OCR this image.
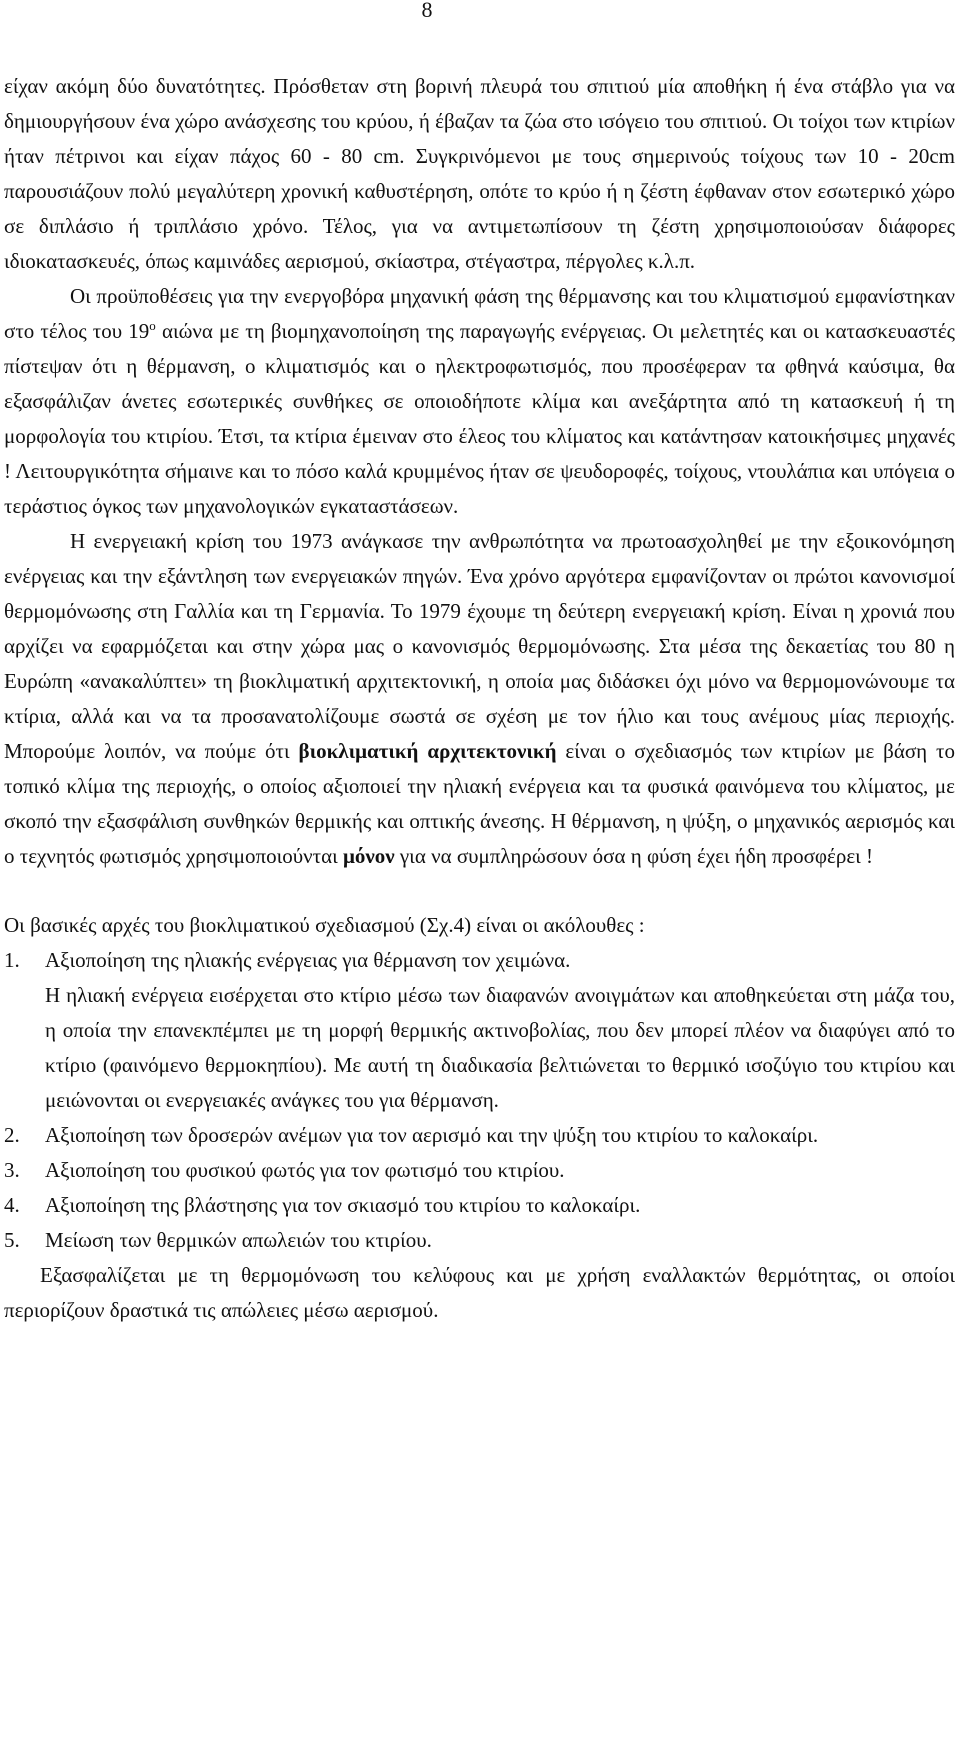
8

είχαν ακόμη δύο δυνατότητες. Πρόσθεταν στη βορινή πλευρά του σπιτιού μία αποθήκη ή ένα στάβλο για να δημιουργήσουν ένα χώρο ανάσχεσης του κρύου, ή έβαζαν τα ζώα στο ισόγειο του σπιτιού. Οι τοίχοι των κτιρίων ήταν πέτρινοι και είχαν πάχος 60 - 80 cm. Συγκρινόμενοι με τους σημερινούς τοίχους των 10 - 20cm παρουσιάζουν πολύ μεγαλύτερη χρονική καθυστέρηση, οπότε το κρύο ή η ζέστη έφθαναν στον εσωτερικό χώρο σε διπλάσιο ή τριπλάσιο χρόνο. Τέλος, για να αντιμετωπίσουν τη ζέστη χρησιμοποιούσαν διάφορες ιδιοκατασκευές, όπως καμινάδες αερισμού, σκίαστρα, στέγαστρα, πέργολες κ.λ.π.

Οι προϋποθέσεις για την ενεργοβόρα μηχανική φάση της θέρμανσης και του κλιματισμού εμφανίστηκαν στο τέλος του $19^o$ αιώνα με τη βιομηχανοποίηση της παραγωγής ενέργειας. Οι μελετητές και οι κατασκευαστές πίστεψαν ότι η θέρμανση, ο κλιματισμός και ο ηλεκτροφωτισμός, που προσέφεραν τα φθηνά καύσιμα, θα εξασφάλιζαν άνετες εσωτερικές συνθήκες σε οποιοδήποτε κλίμα και ανεξάρτητα από τη κατασκευή ή τη μορφολογία του κτιρίου. Έτσι, τα κτίρια έμειναν στο έλεος του κλίματος και κατάντησαν κατοικήσιμες μηχανές ! Λειτουργικότητα σήμαινε και το πόσο καλά κρυμμένος ήταν σε ψευδοροφές, τοίχους, ντουλάπια και υπόγεια ο τεράστιος όγκος των μηχανολογικών εγκαταστάσεων.

Η ενεργειακή κρίση του 1973 ανάγκασε την ανθρωπότητα να πρωτοασχοληθεί με την εξοικονόμηση ενέργειας και την εξάντληση των ενεργειακών πηγών. Ένα χρόνο αργότερα εμφανίζονταν οι πρώτοι κανονισμοί θερμομόνωσης στη Γαλλία και τη Γερμανία. Το 1979 έχουμε τη δεύτερη ενεργειακή κρίση. Είναι η χρονιά που αρχίζει να εφαρμόζεται και στην χώρα μας ο κανονισμός θερμομόνωσης. Στα μέσα της δεκαετίας του 80 η Ευρώπη «ανακαλύπτει» τη βιοκλιματική αρχιτεκτονική, η οποία μας διδάσκει όχι μόνο να θερμομονώνουμε τα κτίρια, αλλά και να τα προσανατολίζουμε σωστά σε σχέση με τον ήλιο και τους ανέμους μίας περιοχής. Μπορούμε λοιπόν, να πούμε ότι βιοκλιματική αρχιτεκτονική είναι ο σχεδιασμός των κτιρίων με βάση το τοπικό κλίμα της περιοχής, ο οποίος αξιοποιεί την ηλιακή ενέργεια και τα φυσικά φαινόμενα του κλίματος, με σκοπό την εξασφάλιση συνθηκών θερμικής και οπτικής άνεσης. Η θέρμανση, η ψύξη, ο μηχανικός αερισμός και ο τεχνητός φωτισμός χρησιμοποιούνται μόνον για να συμπληρώσουν όσα η φύση έχει ήδη προσφέρει !

Οι βασικές αρχές του βιοκλιματικού σχεδιασμού (Σχ.4) είναι οι ακόλουθες :

1. Αξιοποίηση της ηλιακής ενέργειας για θέρμανση τον χειμώνα.
Η ηλιακή ενέργεια εισέρχεται στο κτίριο μέσω των διαφανών ανοιγμάτων και αποθηκεύεται στη μάζα του, η οποία την επανεκπέμπει με τη μορφή θερμικής ακτινοβολίας, που δεν μπορεί πλέον να διαφύγει από το κτίριο (φαινόμενο θερμοκηπίου). Με αυτή τη διαδικασία βελτιώνεται το θερμικό ισοζύγιο του κτιρίου και μειώνονται οι ενεργειακές ανάγκες του για θέρμανση.
2. Αξιοποίηση των δροσερών ανέμων για τον αερισμό και την ψύξη του κτιρίου το καλοκαίρι.
3. Αξιοποίηση του φυσικού φωτός για τον φωτισμό του κτιρίου.
4. Αξιοποίηση της βλάστησης για τον σκιασμό του κτιρίου το καλοκαίρι.
5. Μείωση των θερμικών απωλειών του κτιρίου.

Εξασφαλίζεται με τη θερμομόνωση του κελύφους και με χρήση εναλλακτών θερμότητας, οι οποίοι περιορίζουν δραστικά τις απώλειες μέσω αερισμού.
